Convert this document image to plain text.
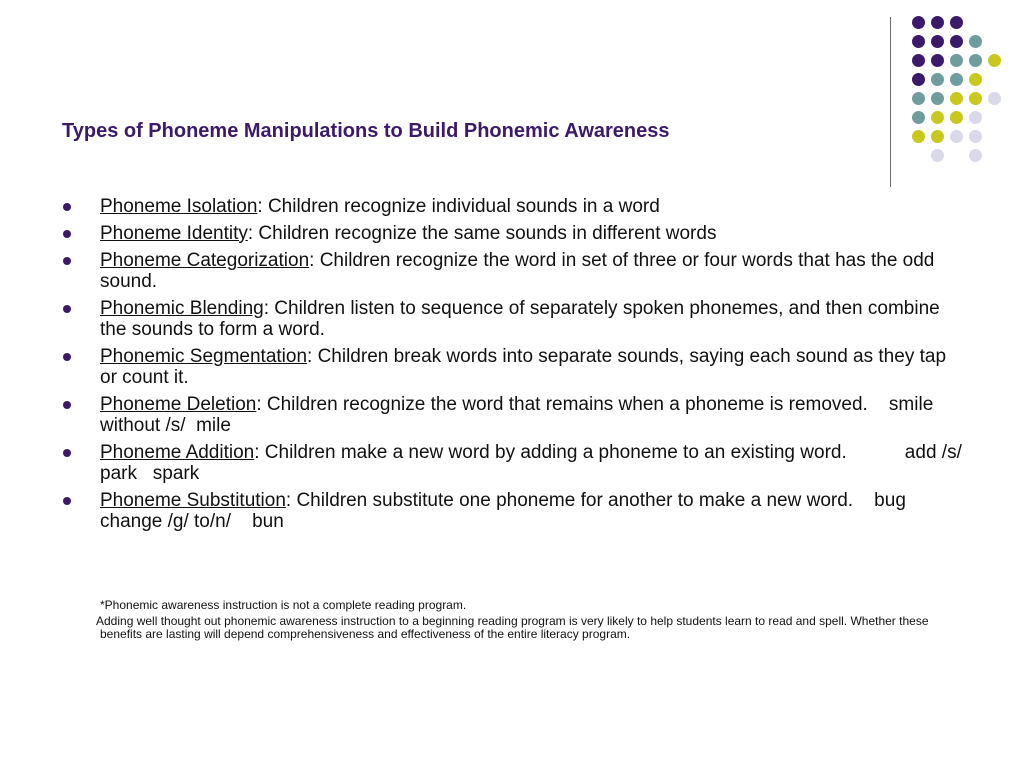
Types of Phoneme Manipulations to Build Phonemic Awareness
Phoneme Isolation: Children recognize individual sounds in a word
Phoneme Identity: Children recognize the same sounds in different words
Phoneme Categorization: Children recognize the word in set of three or four words that has the odd sound.
Phonemic Blending: Children listen to sequence of separately spoken phonemes, and then combine the sounds to form a word.
Phonemic Segmentation: Children break words into separate sounds, saying each sound as they tap or count it.
Phoneme Deletion: Children recognize the word that remains when a phoneme is removed.    smile  without /s/  mile
Phoneme Addition: Children make a new word by adding a phoneme to an existing word.           add /s/ park   spark
Phoneme Substitution: Children substitute one phoneme for another to make a new word.    bug    change /g/ to/n/    bun

*Phonemic awareness instruction is not a complete reading program.

Adding well thought out phonemic awareness instruction to a beginning reading program is very likely to help students learn to read and spell. Whether these benefits are lasting will depend comprehensiveness and effectiveness of the entire literacy program.
